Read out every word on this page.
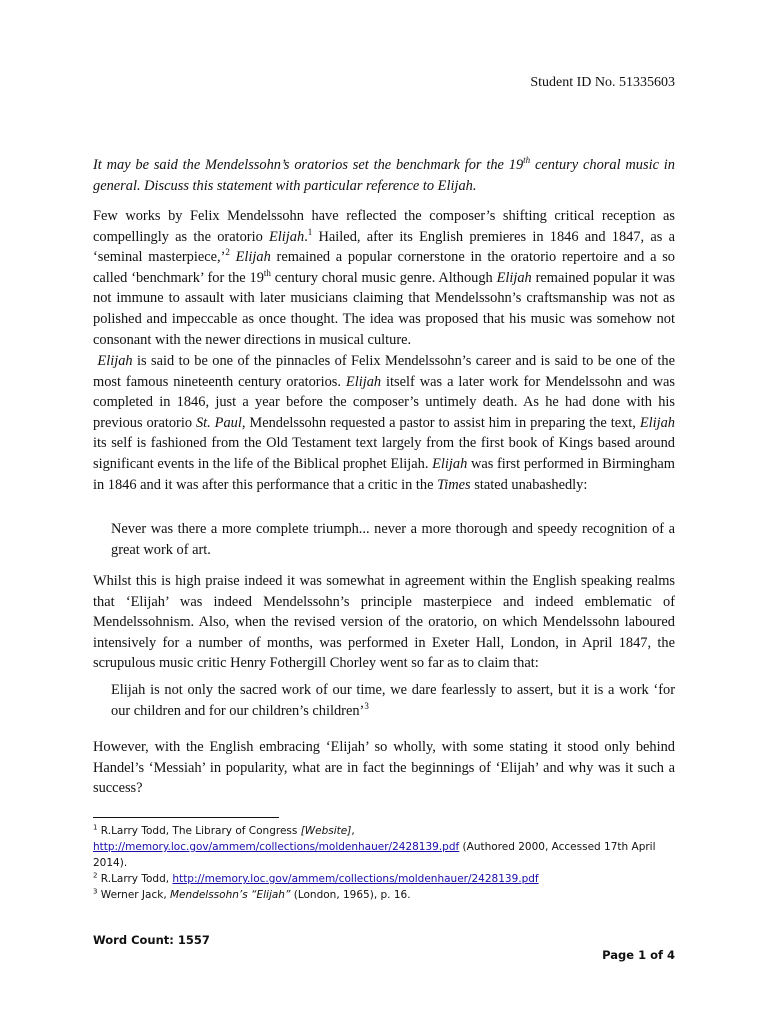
Student ID No. 51335603
It may be said the Mendelssohn’s oratorios set the benchmark for the 19th century choral music in general. Discuss this statement with particular reference to Elijah.
Few works by Felix Mendelssohn have reflected the composer’s shifting critical reception as compellingly as the oratorio Elijah.$^1$ Hailed, after its English premieres in 1846 and 1847, as a ‘seminal masterpiece,’$^2$ Elijah remained a popular cornerstone in the oratorio repertoire and a so called ‘benchmark’ for the 19th century choral music genre. Although Elijah remained popular it was not immune to assault with later musicians claiming that Mendelssohn’s craftsmanship was not as polished and impeccable as once thought. The idea was proposed that his music was somehow not consonant with the newer directions in musical culture.
Elijah is said to be one of the pinnacles of Felix Mendelssohn’s career and is said to be one of the most famous nineteenth century oratorios. Elijah itself was a later work for Mendelssohn and was completed in 1846, just a year before the composer’s untimely death. As he had done with his previous oratorio St. Paul, Mendelssohn requested a pastor to assist him in preparing the text, Elijah its self is fashioned from the Old Testament text largely from the first book of Kings based around significant events in the life of the Biblical prophet Elijah. Elijah was first performed in Birmingham in 1846 and it was after this performance that a critic in the Times stated unabashedly:
Never was there a more complete triumph... never a more thorough and speedy recognition of a great work of art.
Whilst this is high praise indeed it was somewhat in agreement within the English speaking realms that ‘Elijah’ was indeed Mendelssohn’s principle masterpiece and indeed emblematic of Mendelssohnism. Also, when the revised version of the oratorio, on which Mendelssohn laboured intensively for a number of months, was performed in Exeter Hall, London, in April 1847, the scrupulous music critic Henry Fothergill Chorley went so far as to claim that:
Elijah is not only the sacred work of our time, we dare fearlessly to assert, but it is a work ‘for our children and for our children’s children’$^3$
However, with the English embracing ‘Elijah’ so wholly, with some stating it stood only behind Handel’s ‘Messiah’ in popularity, what are in fact the beginnings of ‘Elijah’ and why was it such a success?

$^1$ R.Larry Todd, The Library of Congress [Website],
http://memory.loc.gov/ammem/collections/moldenhauer/2428139.pdf (Authored 2000, Accessed 17th April 2014).

$^2$ R.Larry Todd, http://memory.loc.gov/ammem/collections/moldenhauer/2428139.pdf

$^3$ Werner Jack, Mendelssohn’s “Elijah” (London, 1965), p. 16.

Word Count: 1557
Page 1 of 4
